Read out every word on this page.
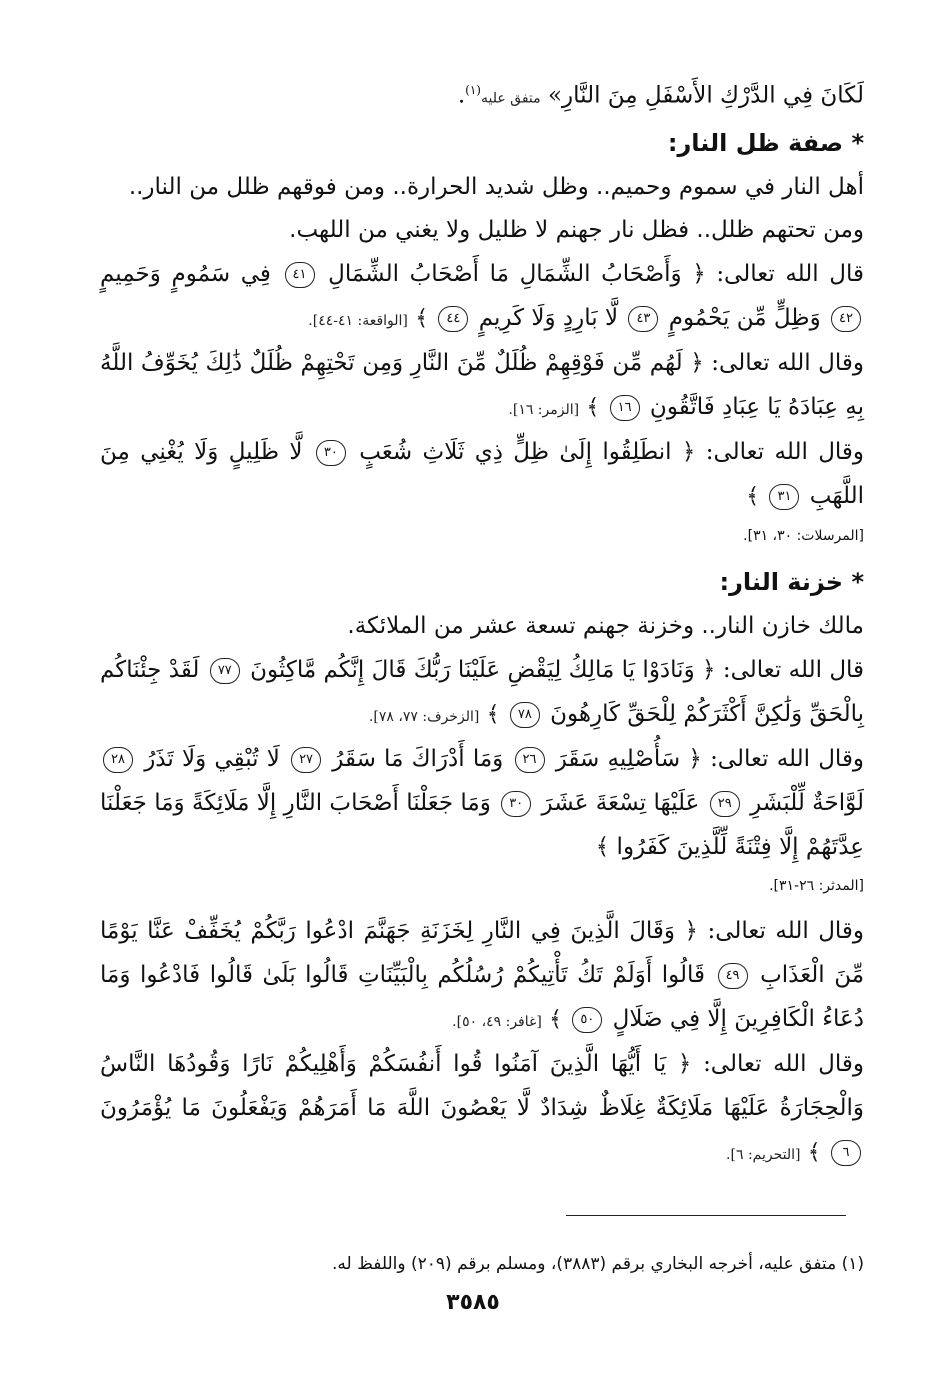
لَكَانَ فِي الدَّرْكِ الأَسْفَلِ مِنَ النَّارِ» متفق عليه$^{(١)}$.

* صفة ظل النار:

أهل النار في سموم وحميم.. وظل شديد الحرارة.. ومن فوقهم ظلل من النار..

ومن تحتهم ظلل.. فظل نار جهنم لا ظليل ولا يغني من اللهب.

قال الله تعالى: ﴿ وَأَصْحَابُ الشِّمَالِ مَا أَصْحَابُ الشِّمَالِ ٤١ فِي سَمُومٍ وَحَمِيمٍ ٤٢ وَظِلٍّ مِّن يَحْمُومٍ ٤٣ لَّا بَارِدٍ وَلَا كَرِيمٍ ٤٤ ﴾ [الواقعة: ٤١-٤٤].

وقال الله تعالى: ﴿ لَهُم مِّن فَوْقِهِمْ ظُلَلٌ مِّنَ النَّارِ وَمِن تَحْتِهِمْ ظُلَلٌ ذَٰلِكَ يُخَوِّفُ اللَّهُ بِهِ عِبَادَهُ يَا عِبَادِ فَاتَّقُونِ ١٦ ﴾ [الزمر: ١٦].

وقال الله تعالى: ﴿ انطَلِقُوا إِلَىٰ ظِلٍّ ذِي ثَلَاثِ شُعَبٍ ٣٠ لَّا ظَلِيلٍ وَلَا يُغْنِي مِنَ اللَّهَبِ ٣١ ﴾

[المرسلات: ٣٠، ٣١].

* خزنة النار:

مالك خازن النار.. وخزنة جهنم تسعة عشر من الملائكة.

قال الله تعالى: ﴿ وَنَادَوْا يَا مَالِكُ لِيَقْضِ عَلَيْنَا رَبُّكَ قَالَ إِنَّكُم مَّاكِثُونَ ٧٧ لَقَدْ جِئْنَاكُم بِالْحَقِّ وَلَٰكِنَّ أَكْثَرَكُمْ لِلْحَقِّ كَارِهُونَ ٧٨ ﴾ [الزخرف: ٧٧، ٧٨].

وقال الله تعالى: ﴿ سَأُصْلِيهِ سَقَرَ ٢٦ وَمَا أَدْرَاكَ مَا سَقَرُ ٢٧ لَا تُبْقِي وَلَا تَذَرُ ٢٨ لَوَّاحَةٌ لِّلْبَشَرِ ٢٩ عَلَيْهَا تِسْعَةَ عَشَرَ ٣٠ وَمَا جَعَلْنَا أَصْحَابَ النَّارِ إِلَّا مَلَائِكَةً وَمَا جَعَلْنَا عِدَّتَهُمْ إِلَّا فِتْنَةً لِّلَّذِينَ كَفَرُوا ﴾

[المدثر: ٢٦-٣١].

وقال الله تعالى: ﴿ وَقَالَ الَّذِينَ فِي النَّارِ لِخَزَنَةِ جَهَنَّمَ ادْعُوا رَبَّكُمْ يُخَفِّفْ عَنَّا يَوْمًا مِّنَ الْعَذَابِ ٤٩ قَالُوا أَوَلَمْ تَكُ تَأْتِيكُمْ رُسُلُكُم بِالْبَيِّنَاتِ قَالُوا بَلَىٰ قَالُوا فَادْعُوا وَمَا دُعَاءُ الْكَافِرِينَ إِلَّا فِي ضَلَالٍ ٥٠ ﴾ [غافر: ٤٩، ٥٠].

وقال الله تعالى: ﴿ يَا أَيُّهَا الَّذِينَ آمَنُوا قُوا أَنفُسَكُمْ وَأَهْلِيكُمْ نَارًا وَقُودُهَا النَّاسُ وَالْحِجَارَةُ عَلَيْهَا مَلَائِكَةٌ غِلَاظٌ شِدَادٌ لَّا يَعْصُونَ اللَّهَ مَا أَمَرَهُمْ وَيَفْعَلُونَ مَا يُؤْمَرُونَ ٦ ﴾ [التحريم: ٦].

(١) متفق عليه، أخرجه البخاري برقم (٣٨٨٣)، ومسلم برقم (٢٠٩) واللفظ له.

٣٥٨٥
